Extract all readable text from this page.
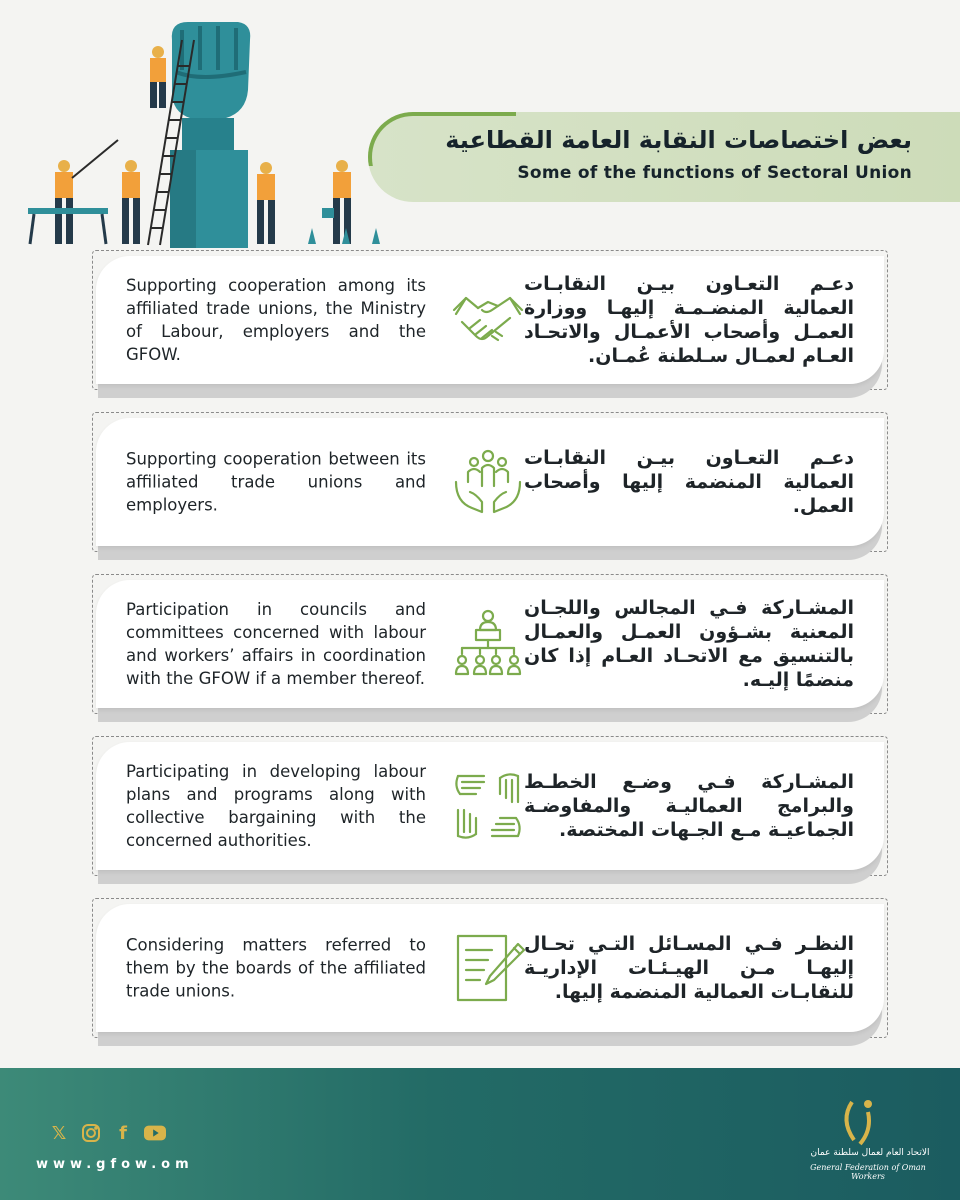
بعض اختصاصات النقابة العامة القطاعية
Some of the functions of Sectoral Union
Supporting cooperation among its affiliated trade unions, the Ministry of Labour, employers and the GFOW.
دعـم التعـاون بيـن النقابـات العمالية المنضـمـة إليهـا ووزارة العمـل وأصحاب الأعمـال والاتحـاد العـام لعمـال سـلطنة عُمـان.
Supporting cooperation between its affiliated trade unions and employers.
دعـم التعـاون بيـن النقابـات العمالية المنضمة إليها وأصحاب العمل.
Participation in councils and committees concerned with labour and workers’ affairs in coordination with the GFOW if a member thereof.
المشـاركة فـي المجالس واللجـان المعنية بشـؤون العمـل والعمـال بالتنسيق مع الاتحـاد العـام إذا كان منضمًا إليـه.
Participating in developing labour plans and programs along with collective bargaining with the concerned authorities.
المشـاركة فـي وضـع الخطـط والبرامج العماليـة والمفاوضـة الجماعيـة مـع الجـهات المختصة.
Considering matters referred to them by the boards of the affiliated trade unions.
النظـر فـي المسـائل التـي تحـال إليهـا مـن الهيـئـات الإداريـة للنقابـات العمالية المنضمة إليها.
𝕏	f
www.gfow.om
الاتحاد العام لعمال سلطنة عمان
General Federation of Oman Workers
